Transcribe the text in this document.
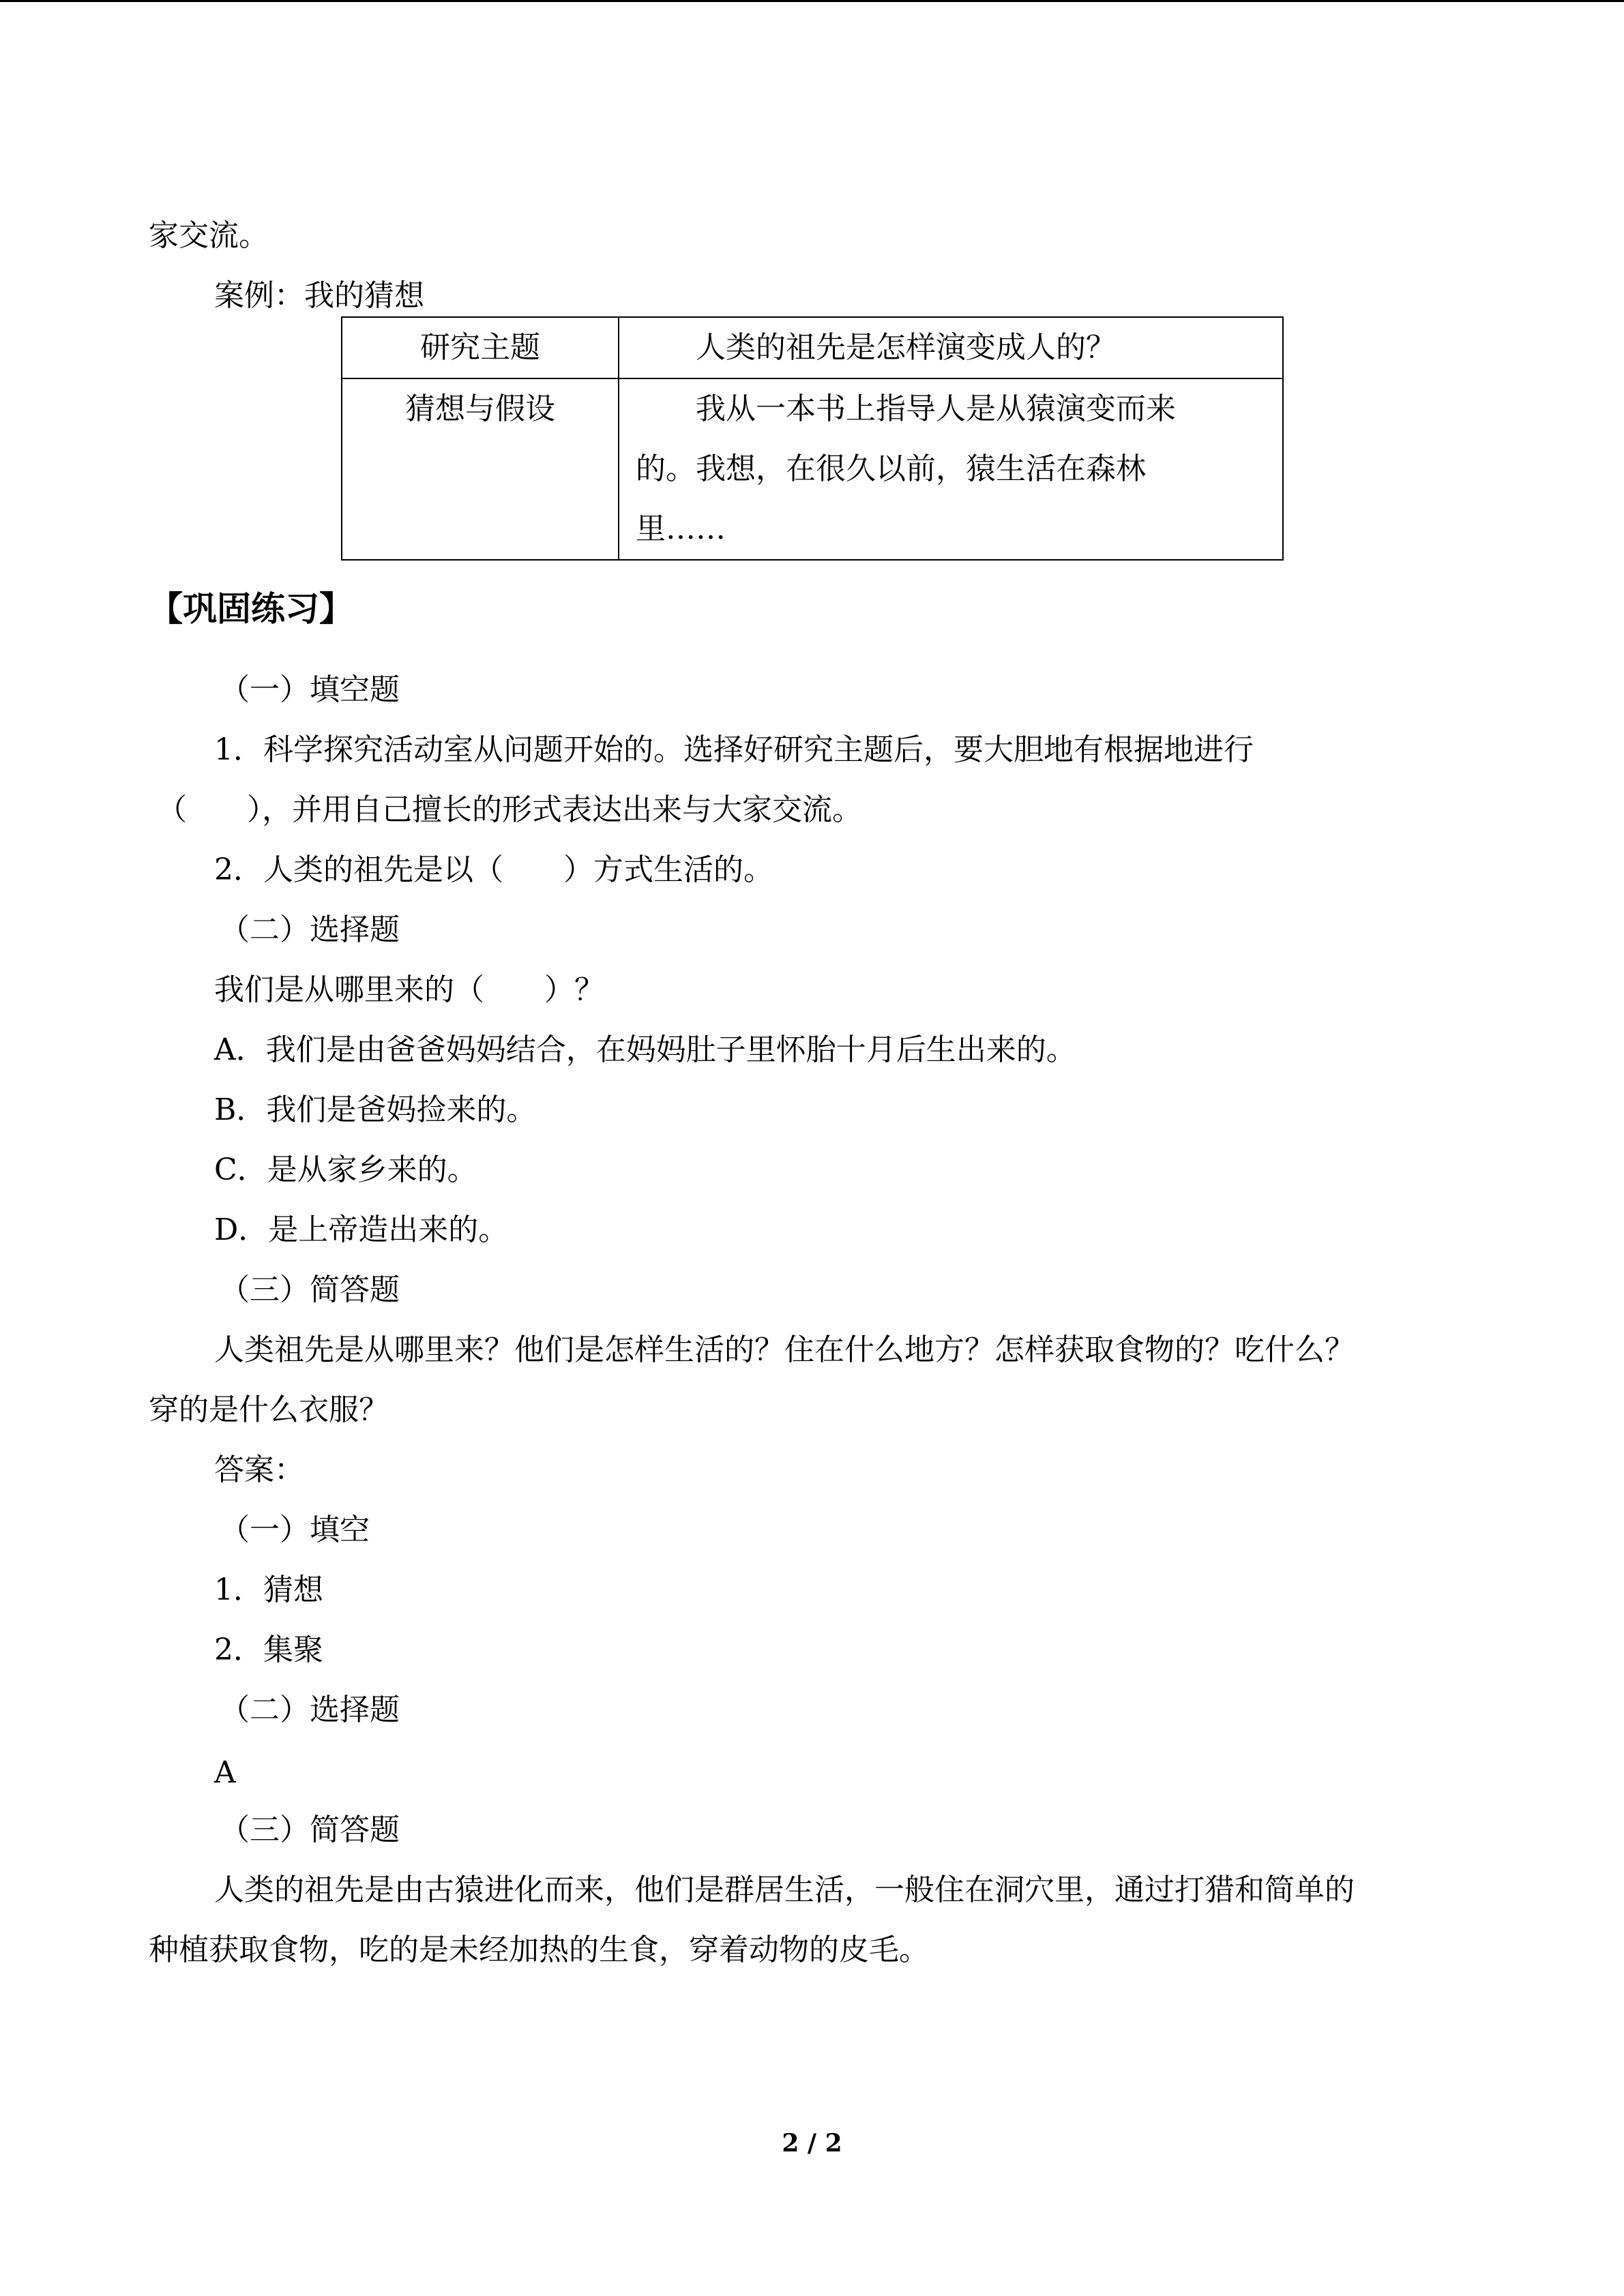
家交流。
案例：我的猜想
研究主题	人类的祖先是怎样演变成人的？

猜想与假设	我从一本书上指导人是从猿演变而来
的。我想，在很久以前，猿生活在森林
里……
【巩固练习】
（一）填空题
1．科学探究活动室从问题开始的。选择好研究主题后，要大胆地有根据地进行
（　　），并用自己擅长的形式表达出来与大家交流。
2．人类的祖先是以（　　）方式生活的。
（二）选择题
我们是从哪里来的（　　）？
A．我们是由爸爸妈妈结合，在妈妈肚子里怀胎十月后生出来的。
B．我们是爸妈捡来的。
C．是从家乡来的。
D．是上帝造出来的。
（三）简答题
人类祖先是从哪里来？他们是怎样生活的？住在什么地方？怎样获取食物的？吃什么？
穿的是什么衣服？
答案：
（一）填空
1．猜想
2．集聚
（二）选择题
A
（三）简答题
人类的祖先是由古猿进化而来，他们是群居生活，一般住在洞穴里，通过打猎和简单的
种植获取食物，吃的是未经加热的生食，穿着动物的皮毛。
2 / 2
